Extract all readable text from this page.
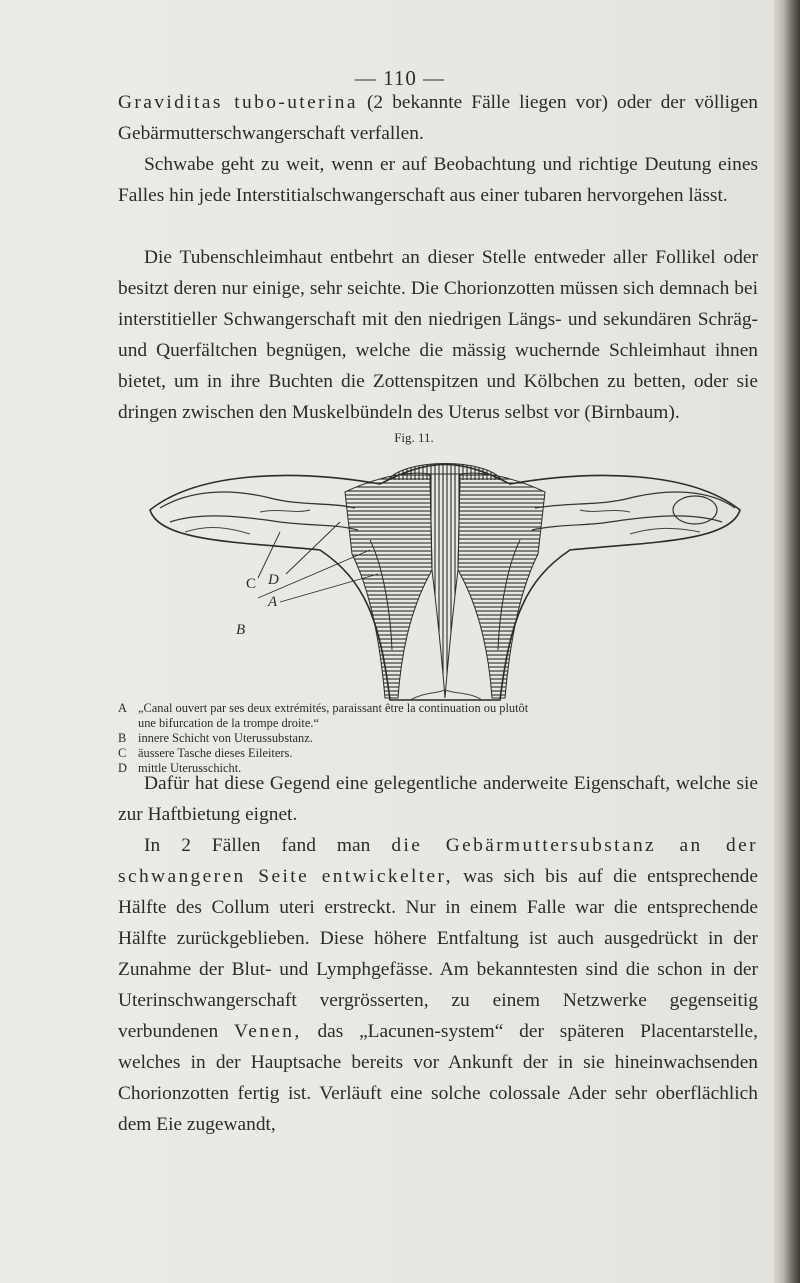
— 110 —

Graviditas tubo-uterina (2 bekannte Fälle liegen vor) oder der völligen Gebärmutterschwangerschaft verfallen.

Schwabe geht zu weit, wenn er auf Beobachtung und richtige Deutung eines Falles hin jede Interstitialschwangerschaft aus einer tubaren hervorgehen lässt.

Die Tubenschleimhaut entbehrt an dieser Stelle entweder aller Follikel oder besitzt deren nur einige, sehr seichte. Die Chorionzotten müssen sich demnach bei interstitieller Schwangerschaft mit den niedrigen Längs- und sekundären Schräg- und Querfältchen begnügen, welche die mässig wuchernde Schleimhaut ihnen bietet, um in ihre Buchten die Zottenspitzen und Kölbchen zu betten, oder sie dringen zwischen den Muskelbündeln des Uterus selbst vor (Birnbaum).

Fig. 11.
C D
A
B
A „Canal ouvert par ses deux extrémités, paraissant être la continuation ou plutôt
une bifurcation de la trompe droite.“
B innere Schicht von Uterussubstanz.
C äussere Tasche dieses Eileiters.
D mittle Uterusschicht.

Dafür hat diese Gegend eine gelegentliche anderweite Eigenschaft, welche sie zur Haftbietung eignet.

In 2 Fällen fand man die Gebärmuttersubstanz an der schwangeren Seite entwickelter, was sich bis auf die entsprechende Hälfte des Collum uteri erstreckt. Nur in einem Falle war die entsprechende Hälfte zurückgeblieben. Diese höhere Entfaltung ist auch ausgedrückt in der Zunahme der Blut- und Lymphgefässe. Am bekanntesten sind die schon in der Uterinschwangerschaft vergrösserten, zu einem Netzwerke gegenseitig verbundenen Venen, das „Lacunen-system“ der späteren Placentarstelle, welches in der Hauptsache bereits vor Ankunft der in sie hineinwachsenden Chorionzotten fertig ist. Verläuft eine solche colossale Ader sehr oberflächlich dem Eie zugewandt,
